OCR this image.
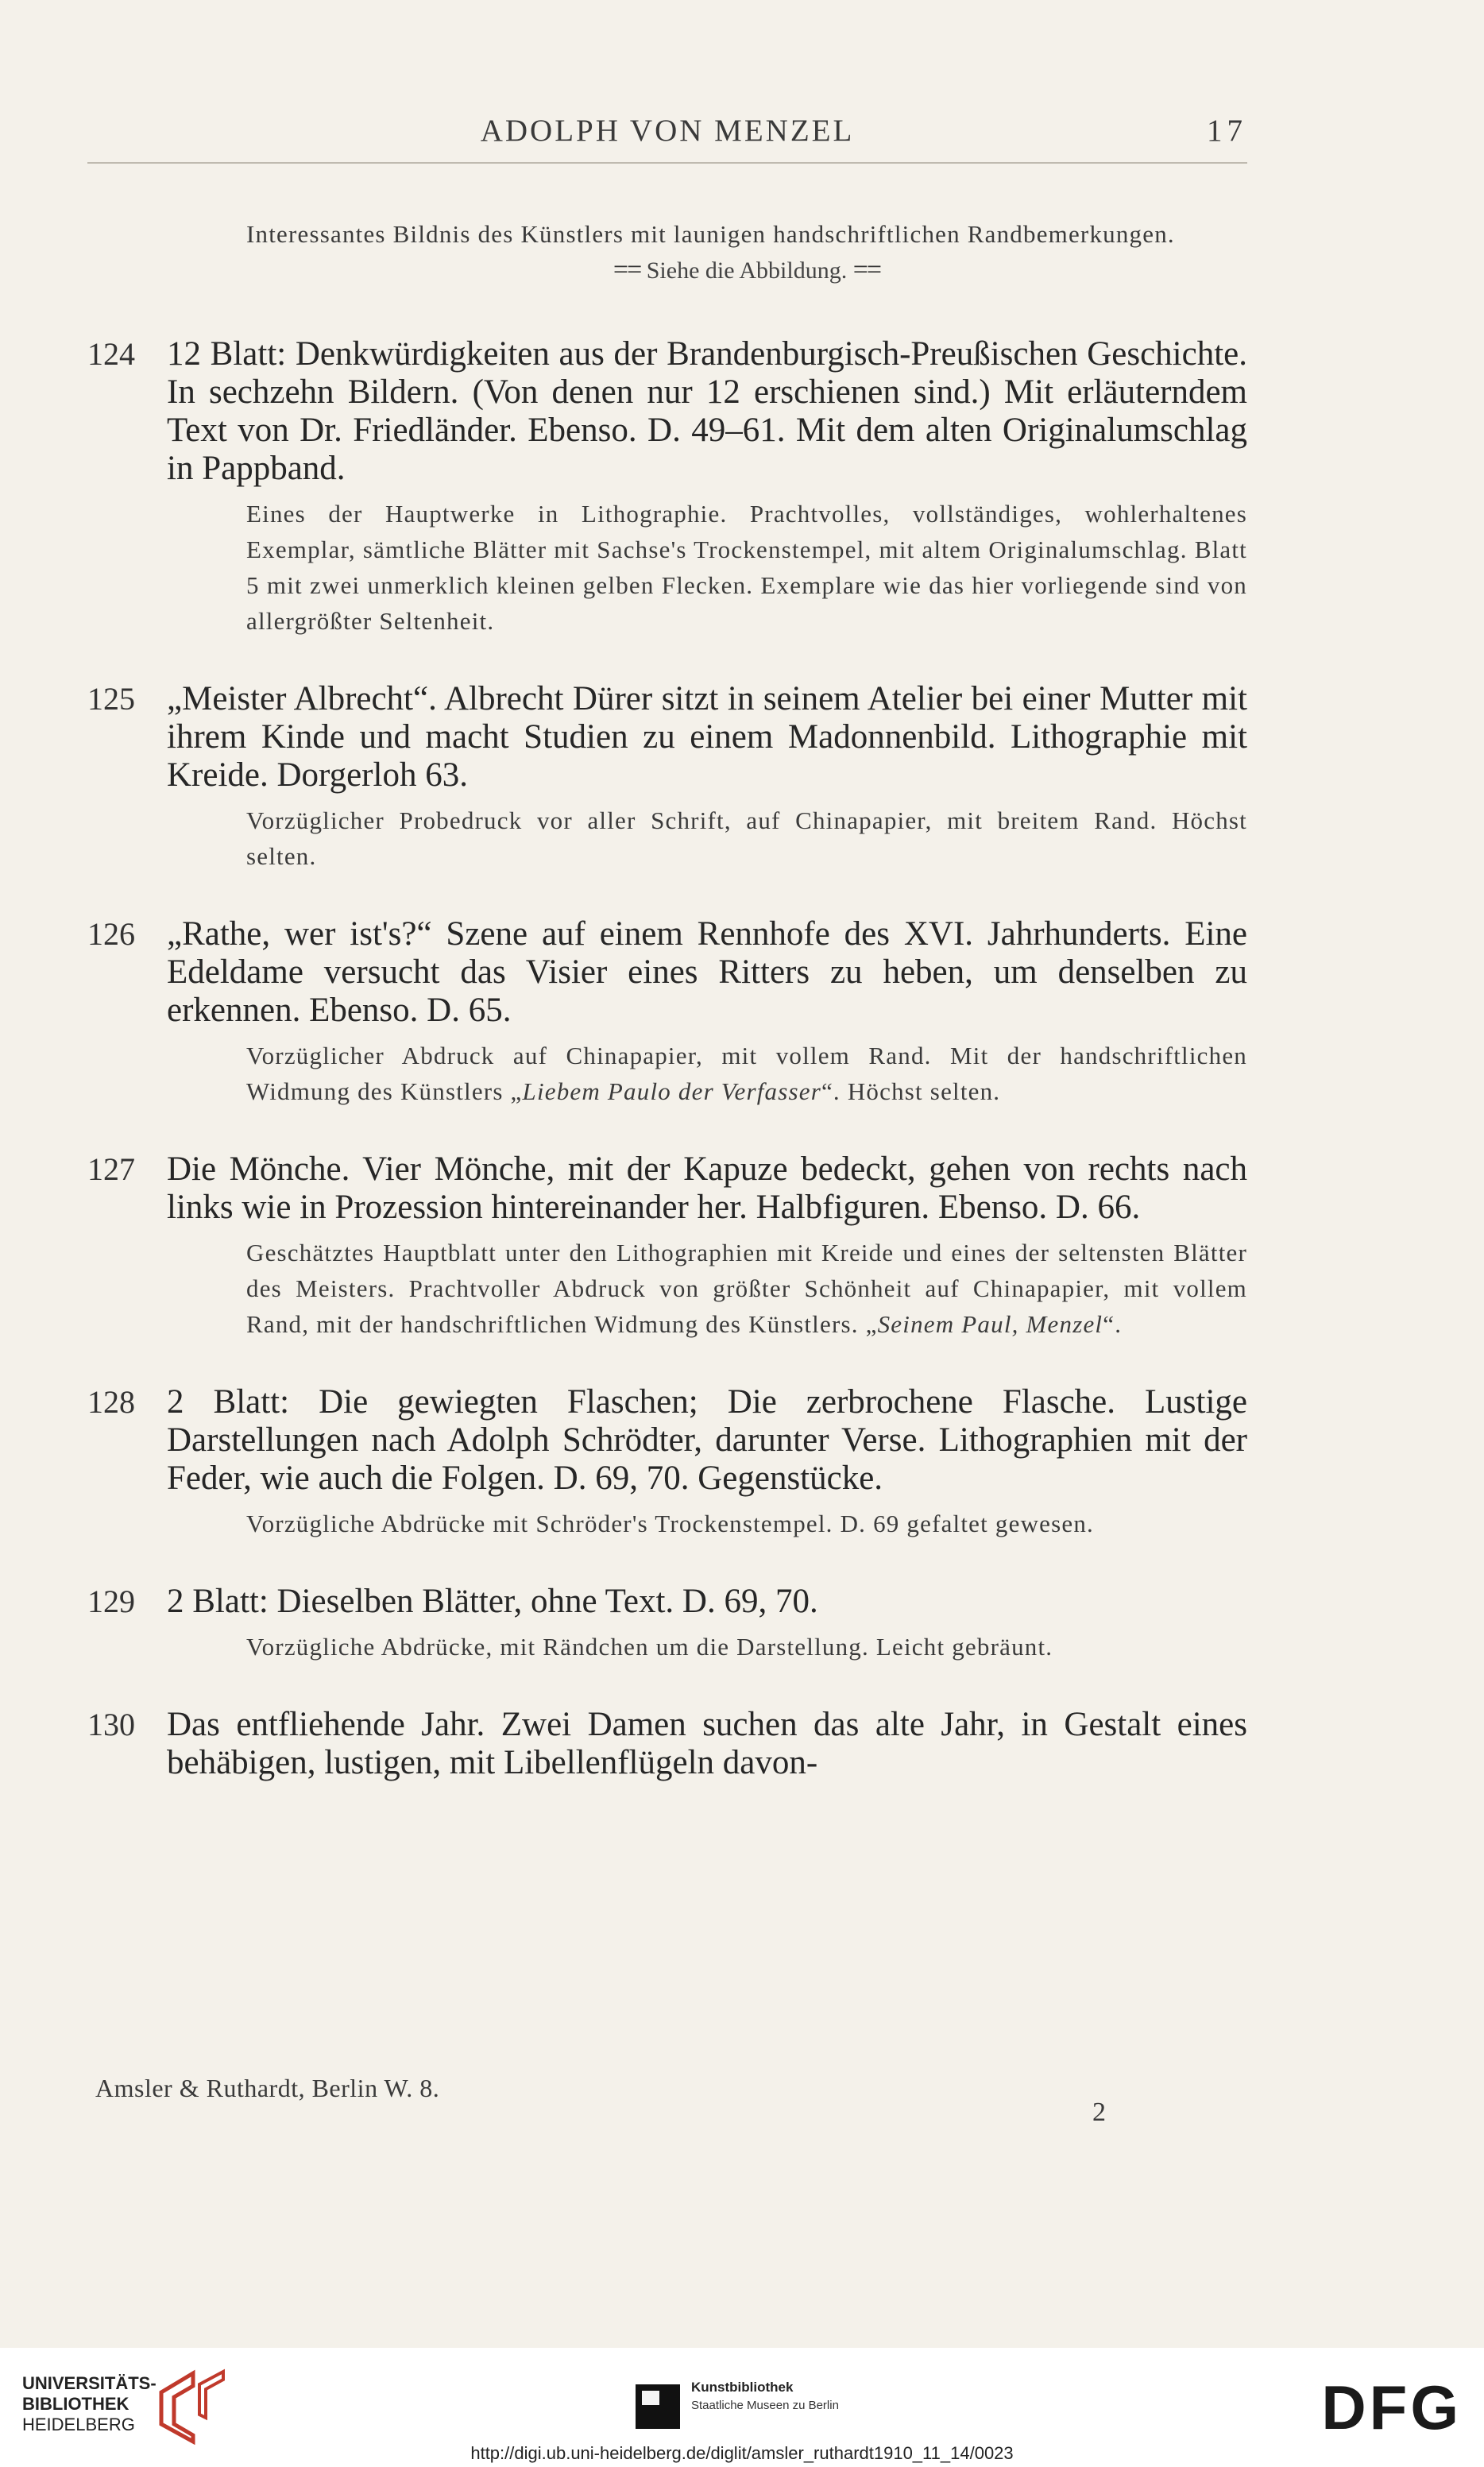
ADOLPH VON MENZEL	17
Interessantes Bildnis des Künstlers mit launigen handschriftlichen Randbemerkungen.
== Siehe die Abbildung. ==
124 12 Blatt: Denkwürdigkeiten aus der Brandenburgisch-Preußischen Geschichte. In sechzehn Bildern. (Von denen nur 12 erschienen sind.) Mit erläuterndem Text von Dr. Friedländer. Ebenso. D. 49–61. Mit dem alten Originalumschlag in Pappband.
Eines der Hauptwerke in Lithographie. Prachtvolles, vollständiges, wohlerhaltenes Exemplar, sämtliche Blätter mit Sachse's Trockenstempel, mit altem Originalumschlag. Blatt 5 mit zwei unmerklich kleinen gelben Flecken. Exemplare wie das hier vorliegende sind von allergrößter Seltenheit.
125 „Meister Albrecht“. Albrecht Dürer sitzt in seinem Atelier bei einer Mutter mit ihrem Kinde und macht Studien zu einem Madonnenbild. Lithographie mit Kreide. Dorgerloh 63.
Vorzüglicher Probedruck vor aller Schrift, auf Chinapapier, mit breitem Rand. Höchst selten.
126 „Rathe, wer ist's?“ Szene auf einem Rennhofe des XVI. Jahrhunderts. Eine Edeldame versucht das Visier eines Ritters zu heben, um denselben zu erkennen. Ebenso. D. 65.
Vorzüglicher Abdruck auf Chinapapier, mit vollem Rand. Mit der handschriftlichen Widmung des Künstlers „Liebem Paulo der Verfasser“. Höchst selten.
127 Die Mönche. Vier Mönche, mit der Kapuze bedeckt, gehen von rechts nach links wie in Prozession hintereinander her. Halbfiguren. Ebenso. D. 66.
Geschätztes Hauptblatt unter den Lithographien mit Kreide und eines der seltensten Blätter des Meisters. Prachtvoller Abdruck von größter Schönheit auf Chinapapier, mit vollem Rand, mit der handschriftlichen Widmung des Künstlers. „Seinem Paul, Menzel“.
128 2 Blatt: Die gewiegten Flaschen; Die zerbrochene Flasche. Lustige Darstellungen nach Adolph Schrödter, darunter Verse. Lithographien mit der Feder, wie auch die Folgen. D. 69, 70. Gegenstücke.
Vorzügliche Abdrücke mit Schröder's Trockenstempel. D. 69 gefaltet gewesen.
129 2 Blatt: Dieselben Blätter, ohne Text. D. 69, 70.
Vorzügliche Abdrücke, mit Rändchen um die Darstellung. Leicht gebräunt.
130 Das entfliehende Jahr. Zwei Damen suchen das alte Jahr, in Gestalt eines behäbigen, lustigen, mit Libellenflügeln davon-
Amsler & Ruthardt, Berlin W. 8.
2
UNIVERSITÄTS-
BIBLIOTHEK
HEIDELBERG
Kunstbibliothek
Staatliche Museen zu Berlin	DFG
http://digi.ub.uni-heidelberg.de/diglit/amsler_ruthardt1910_11_14/0023
